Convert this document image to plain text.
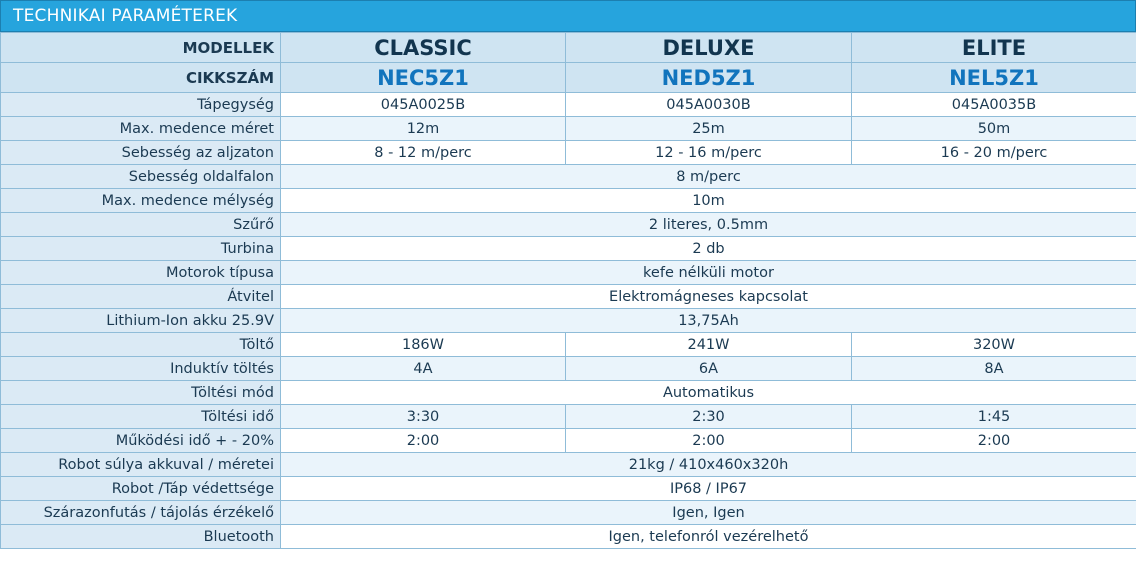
TECHNIKAI PARAMÉTEREK
MODELLEK	CLASSIC	DELUXE	ELITE
CIKKSZÁM	NEC5Z1	NED5Z1	NEL5Z1
Tápegység	045A0025B	045A0030B	045A0035B
Max. medence méret	12m	25m	50m
Sebesség az aljzaton	8 - 12 m/perc	12 - 16 m/perc	16 - 20 m/perc
Sebesség oldalfalon	8 m/perc		
Max. medence mélység	10m		
Szűrő	2 literes, 0.5mm		
Turbina	2 db		
Motorok típusa	kefe nélküli motor		
Átvitel	Elektromágneses kapcsolat		
Lithium-Ion akku 25.9V	13,75Ah		
Töltő	186W	241W	320W
Induktív töltés	4A	6A	8A
Töltési mód	Automatikus		
Töltési idő	3:30	2:30	1:45
Működési idő + - 20%	2:00	2:00	2:00
Robot súlya akkuval / méretei	21kg / 410x460x320h		
Robot /Táp védettsége	IP68 / IP67		
Szárazonfutás / tájolás érzékelő	Igen, Igen		
Bluetooth	Igen, telefonról vezérelhető		
